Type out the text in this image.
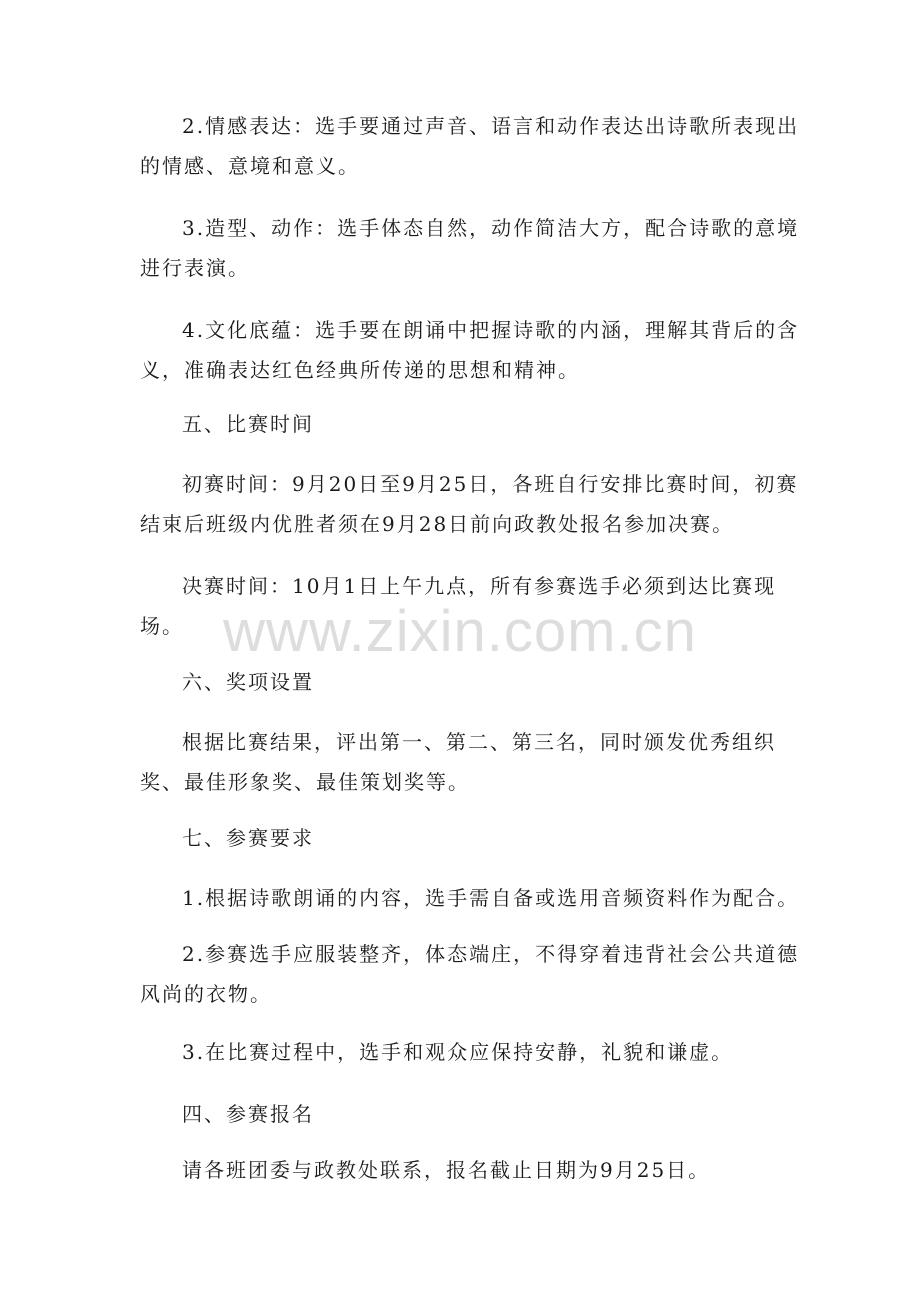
2.情感表达：选手要通过声音、语言和动作表达出诗歌所表现出的情感、意境和意义。

3.造型、动作：选手体态自然，动作简洁大方，配合诗歌的意境进行表演。

4.文化底蕴：选手要在朗诵中把握诗歌的内涵，理解其背后的含义，准确表达红色经典所传递的思想和精神。

五、比赛时间

初赛时间：9月20日至9月25日，各班自行安排比赛时间，初赛结束后班级内优胜者须在9月28日前向政教处报名参加决赛。

决赛时间：10月1日上午九点，所有参赛选手必须到达比赛现场。

六、奖项设置

根据比赛结果，评出第一、第二、第三名，同时颁发优秀组织奖、最佳形象奖、最佳策划奖等。

七、参赛要求

1.根据诗歌朗诵的内容，选手需自备或选用音频资料作为配合。

2.参赛选手应服装整齐，体态端庄，不得穿着违背社会公共道德风尚的衣物。

3.在比赛过程中，选手和观众应保持安静，礼貌和谦虚。

四、参赛报名

请各班团委与政教处联系，报名截止日期为9月25日。

www.zixin.com.cn
